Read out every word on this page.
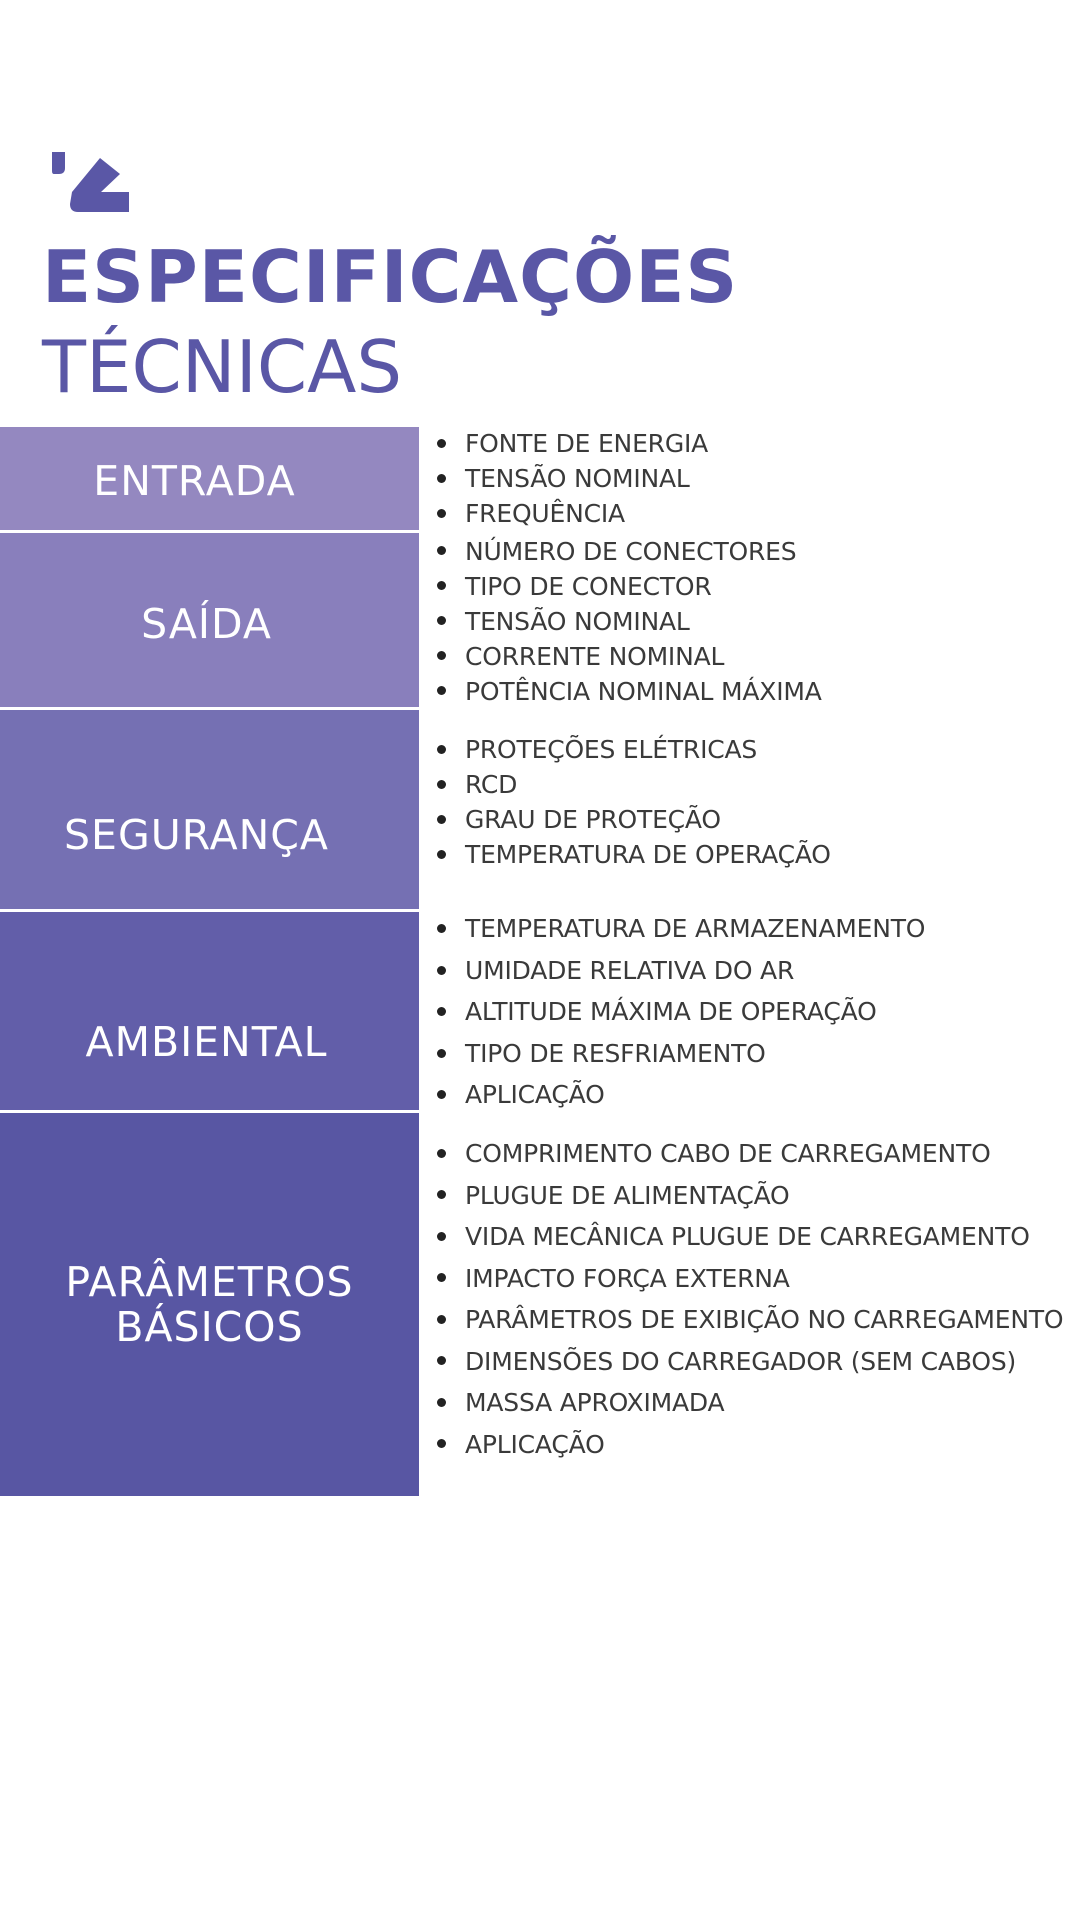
ESPECIFICAÇÕES
TÉCNICAS
ENTRADA
FONTE DE ENERGIA
TENSÃO NOMINAL
FREQUÊNCIA
SAÍDA
NÚMERO DE CONECTORES
TIPO DE CONECTOR
TENSÃO NOMINAL
CORRENTE NOMINAL
POTÊNCIA NOMINAL MÁXIMA
SEGURANÇA
PROTEÇÕES ELÉTRICAS
RCD
GRAU DE PROTEÇÃO
TEMPERATURA DE OPERAÇÃO
AMBIENTAL
TEMPERATURA DE ARMAZENAMENTO
UMIDADE RELATIVA DO AR
ALTITUDE MÁXIMA DE OPERAÇÃO
TIPO DE RESFRIAMENTO
APLICAÇÃO
PARÂMETROS
BÁSICOS
COMPRIMENTO CABO DE CARREGAMENTO
PLUGUE DE ALIMENTAÇÃO
VIDA MECÂNICA PLUGUE DE CARREGAMENTO
IMPACTO FORÇA EXTERNA
PARÂMETROS DE EXIBIÇÃO NO CARREGAMENTO
DIMENSÕES DO CARREGADOR (SEM CABOS)
MASSA APROXIMADA
APLICAÇÃO
